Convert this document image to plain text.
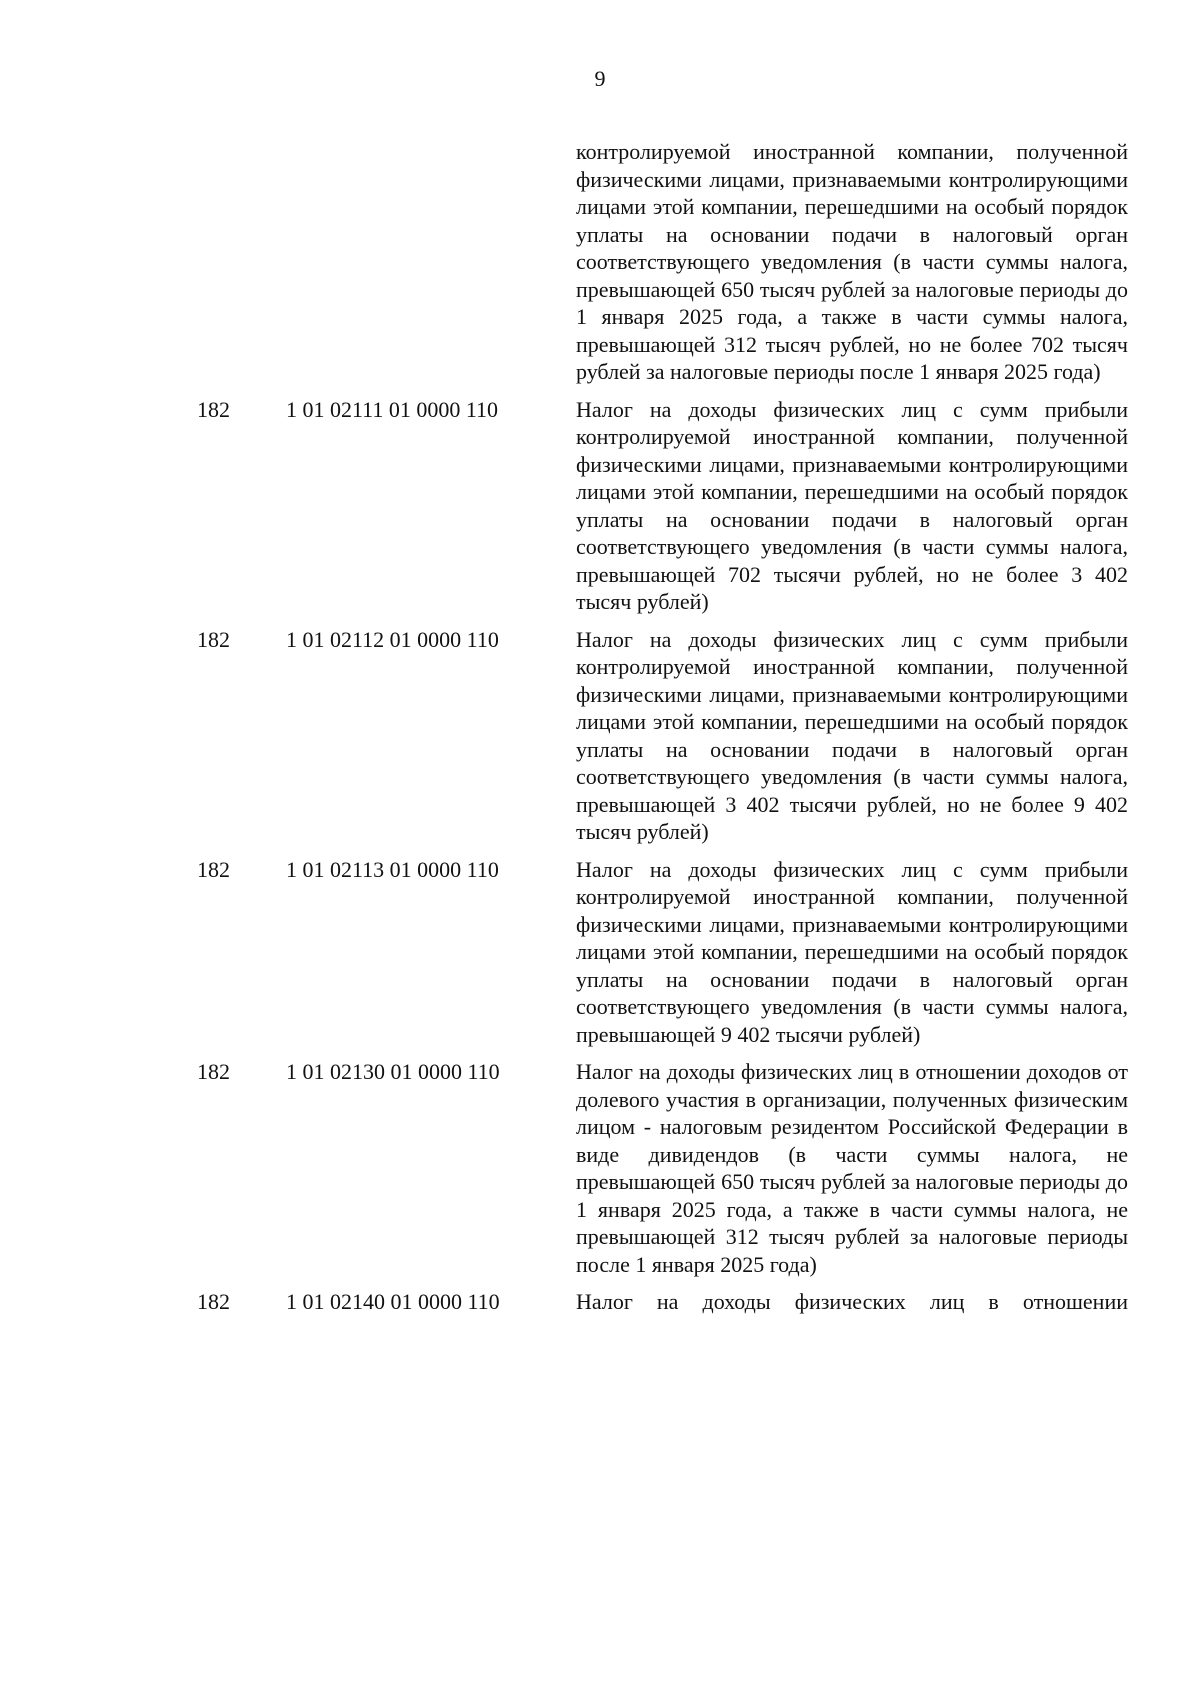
9
контролируемой иностранной компании, полученной физическими лицами, признаваемыми контролирующими лицами этой компании, перешедшими на особый порядок уплаты на основании подачи в налоговый орган соответствующего уведомления (в части суммы налога, превышающей 650 тысяч рублей за налоговые периоды до 1 января 2025 года, а также в части суммы налога, превышающей 312 тысяч рублей, но не более 702 тысяч рублей за налоговые периоды после 1 января 2025 года)
182	1 01 02111 01 0000 110	Налог на доходы физических лиц с сумм прибыли контролируемой иностранной компании, полученной физическими лицами, признаваемыми контролирующими лицами этой компании, перешедшими на особый порядок уплаты на основании подачи в налоговый орган соответствующего уведомления (в части суммы налога, превышающей 702 тысячи рублей, но не более 3 402 тысяч рублей)
182	1 01 02112 01 0000 110	Налог на доходы физических лиц с сумм прибыли контролируемой иностранной компании, полученной физическими лицами, признаваемыми контролирующими лицами этой компании, перешедшими на особый порядок уплаты на основании подачи в налоговый орган соответствующего уведомления (в части суммы налога, превышающей 3 402 тысячи рублей, но не более 9 402 тысяч рублей)
182	1 01 02113 01 0000 110	Налог на доходы физических лиц с сумм прибыли контролируемой иностранной компании, полученной физическими лицами, признаваемыми контролирующими лицами этой компании, перешедшими на особый порядок уплаты на основании подачи в налоговый орган соответствующего уведомления (в части суммы налога, превышающей 9 402 тысячи рублей)
182	1 01 02130 01 0000 110	Налог на доходы физических лиц в отношении доходов от долевого участия в организации, полученных физическим лицом - налоговым резидентом Российской Федерации в виде дивидендов (в части суммы налога, не превышающей 650 тысяч рублей за налоговые периоды до 1 января 2025 года, а также в части суммы налога, не превышающей 312 тысяч рублей за налоговые периоды после 1 января 2025 года)
182	1 01 02140 01 0000 110	Налог на доходы физических лиц в отношении
